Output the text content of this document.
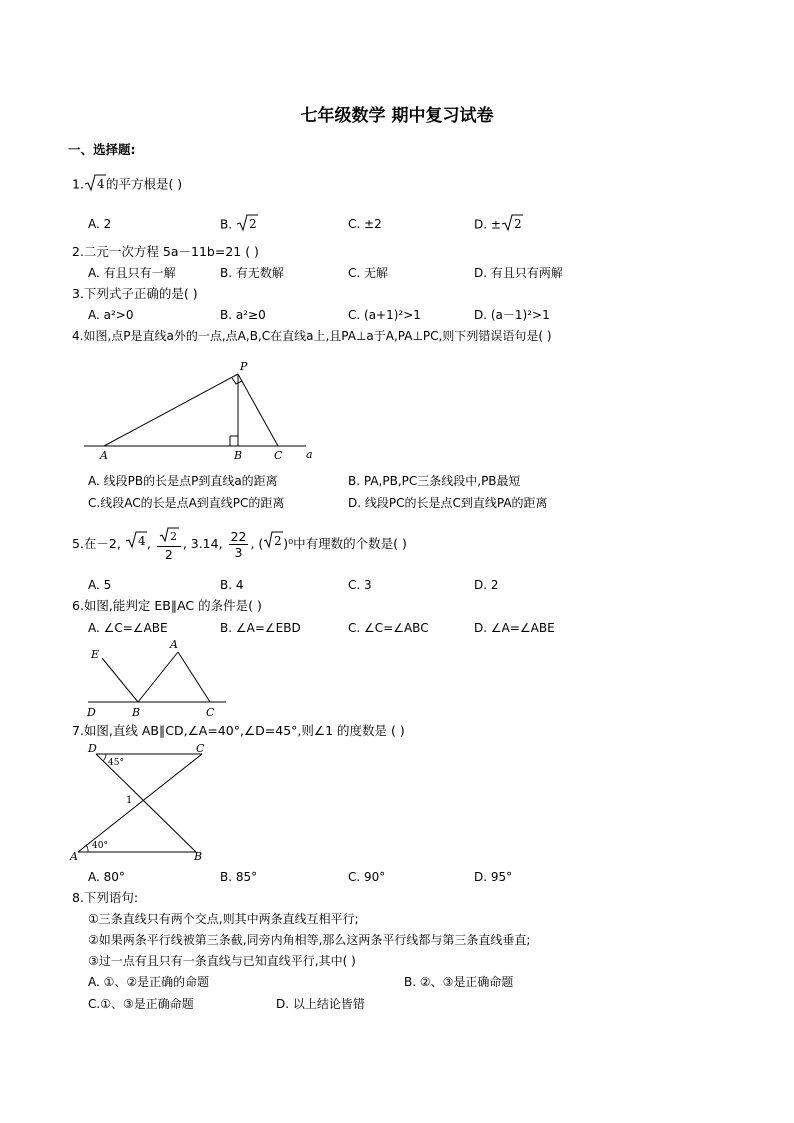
七年级数学 期中复习试卷
一、选择题:
1. 4 的平方根是( )
A. 2	B. 2	C. ±2	D. ± 2
2.二元一次方程 5a－11b=21 ( )
A. 有且只有一解	B. 有无数解	C. 无解	D. 有且只有两解
3.下列式子正确的是( )
A. a²>0	B. a²≥0	C. (a+1)²>1	D. (a－1)²>1
4.如图,点P是直线a外的一点,点A,B,C在直线a上,且PA⊥a于A,PA⊥PC,则下列错误语句是( )
P
A	B	C a
A. 线段PB的长是点P到直线a的距离	B. PA,PB,PC三条线段中,PB最短
C.线段AC的长是点A到直线PC的距离	D. 线段PC的长是点C到直线PA的距离
5.在－2, 4 , $\frac{2}{2}$ , 3.14, $\frac{22}{3}$ , ( 2 )⁰中有理数的个数是( )
A. 5	B. 4	C. 3	D. 2
6.如图,能判定 EB∥AC 的条件是( )
A. ∠C=∠ABE	B. ∠A=∠EBD	C. ∠C=∠ABC	D. ∠A=∠ABE
E
A
D	B	C
7.如图,直线 AB∥CD,∠A=40°,∠D=45°,则∠1 的度数是 ( )
D	C
A	B
1
45°
40°
A. 80°	B. 85°	C. 90°	D. 95°
8.下列语句:
①三条直线只有两个交点,则其中两条直线互相平行;
②如果两条平行线被第三条截,同旁内角相等,那么这两条平行线都与第三条直线垂直;
③过一点有且只有一条直线与已知直线平行,其中( )
A. ①、②是正确的命题	B. ②、③是正确命题
C.①、③是正确命题	D. 以上结论皆错
